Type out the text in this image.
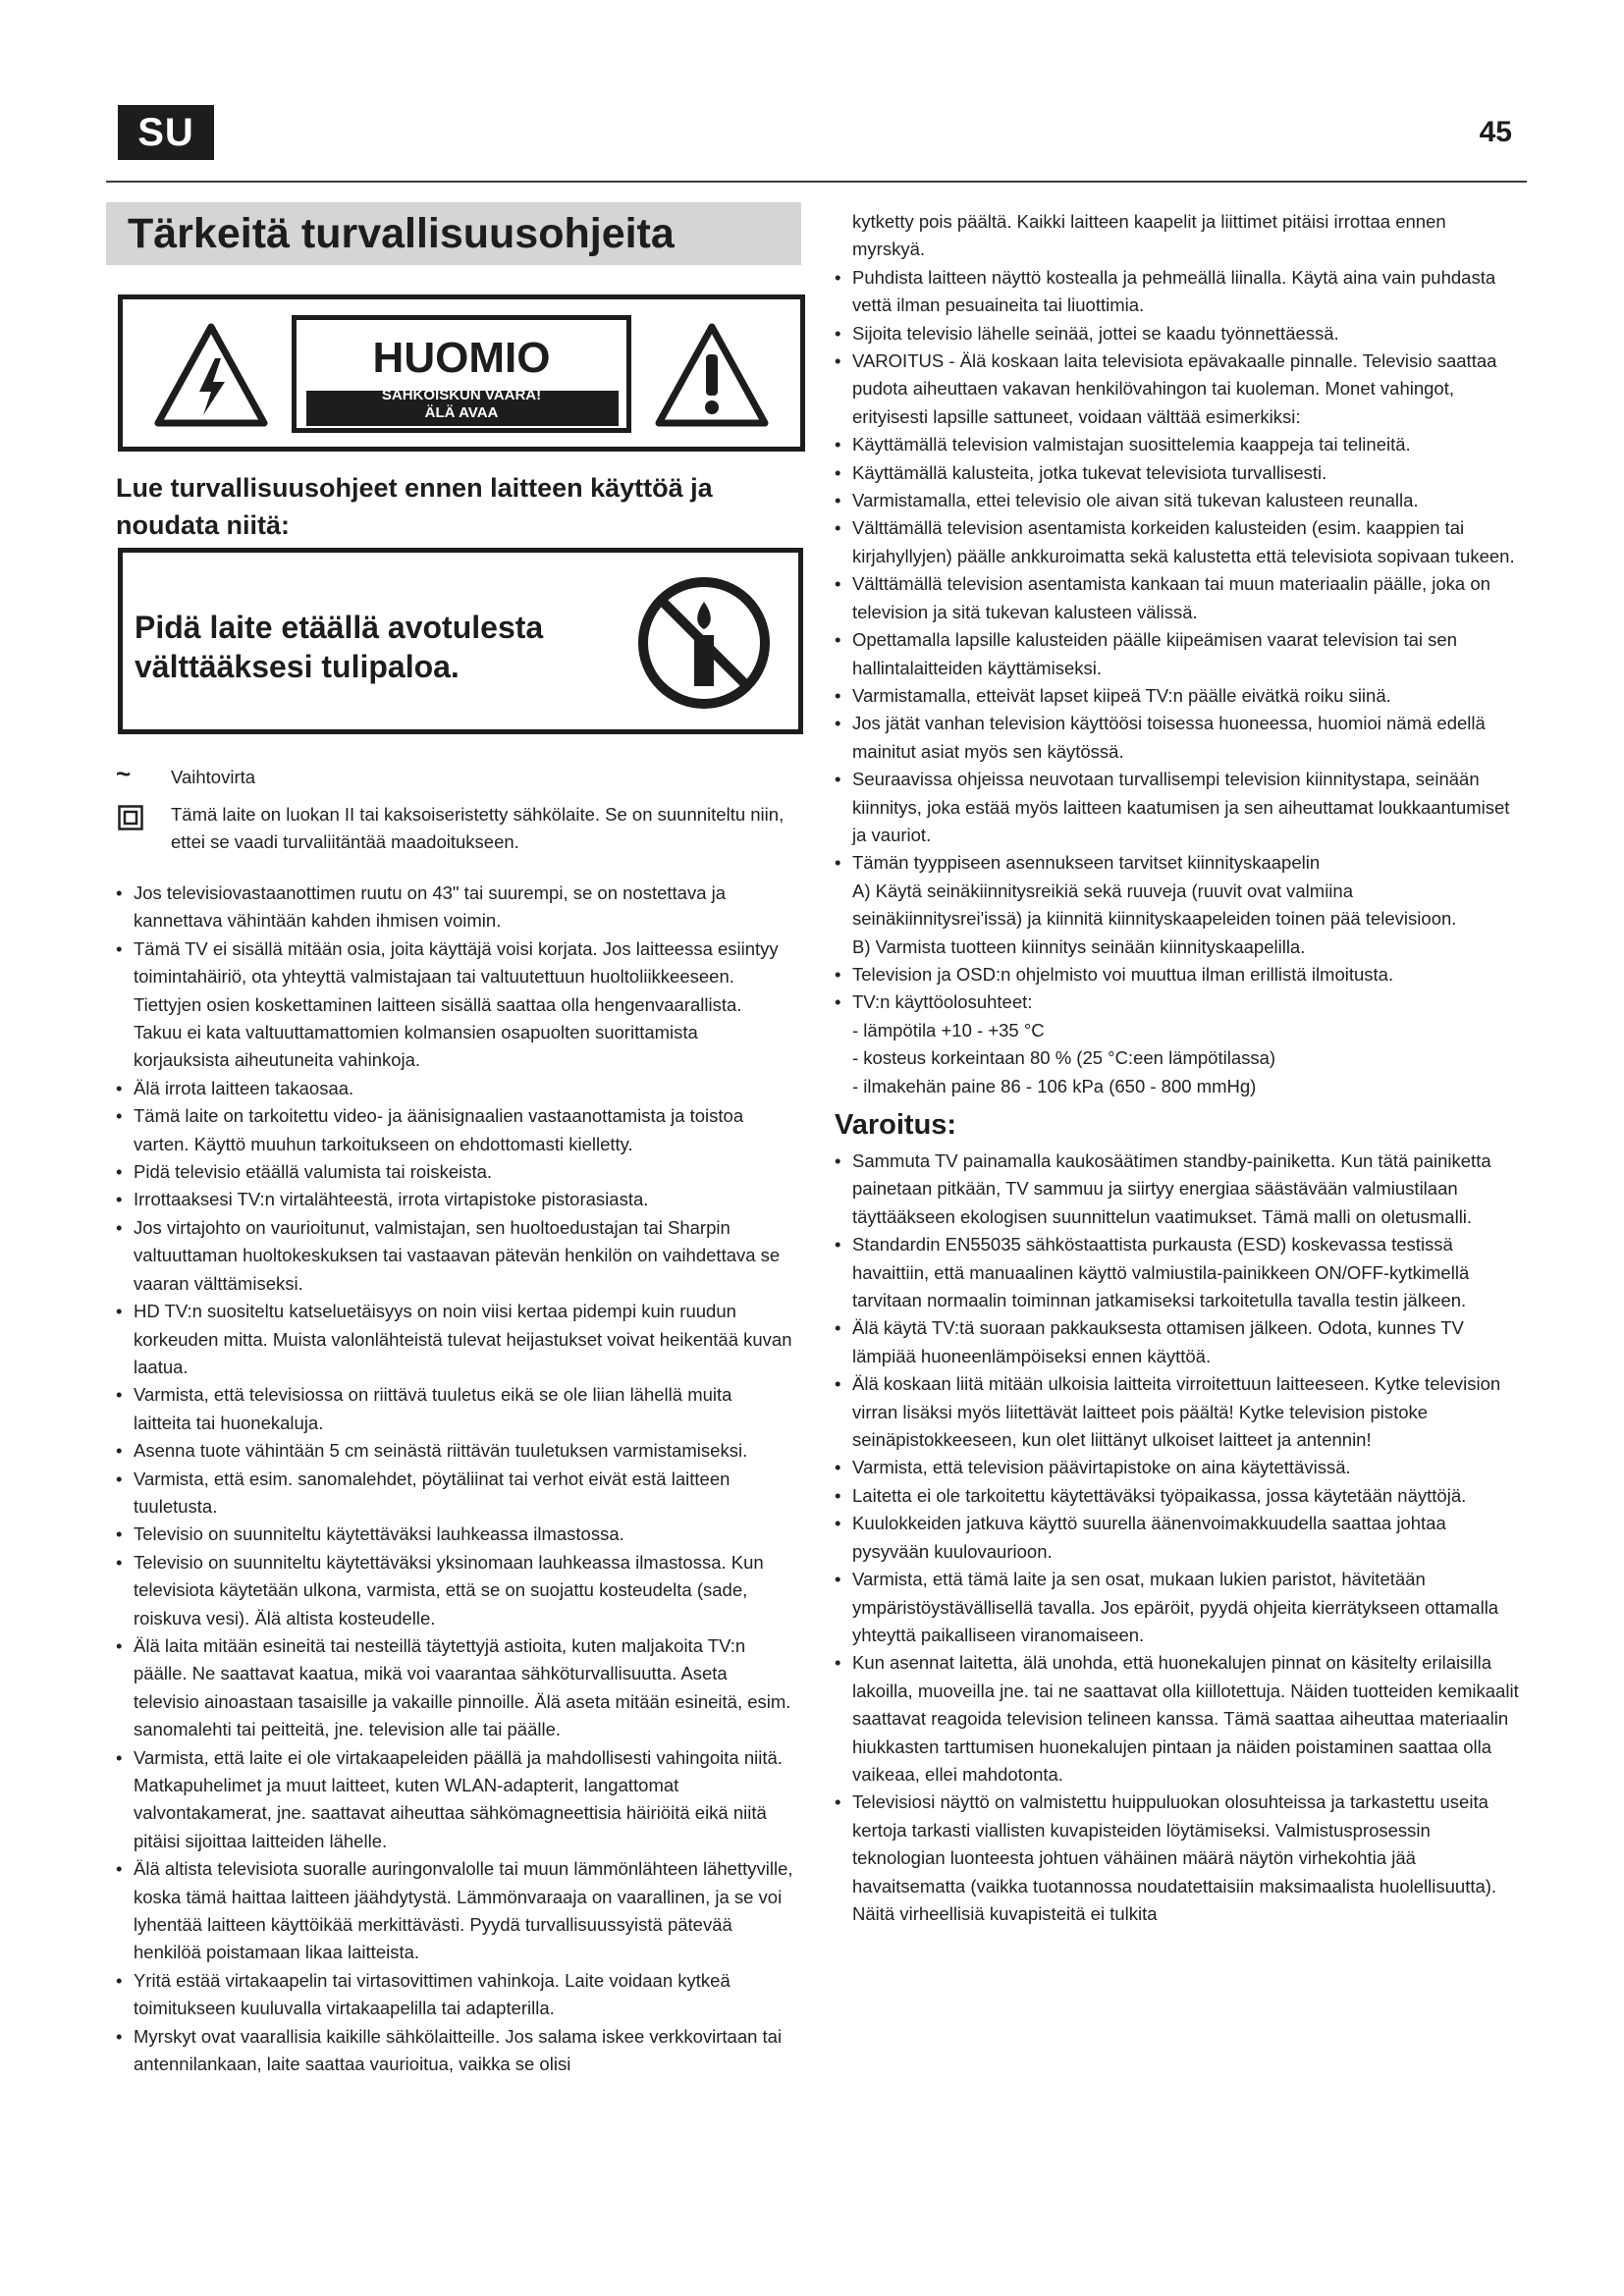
SU	45
Tärkeitä turvallisuusohjeita
HUOMIO
SÄHKÖISKUN VAARA!
ÄLÄ AVAA
Lue turvallisuusohjeet ennen laitteen käyttöä ja noudata niitä:
Pidä laite etäällä avotulesta
välttääksesi tulipaloa.
~	Vaihtovirta
Tämä laite on luokan II tai kaksoiseristetty sähkölaite. Se on suunniteltu niin, ettei se vaadi turvaliitäntää maadoitukseen.
• Jos televisiovastaanottimen ruutu on 43" tai suurempi, se on nostettava ja kannettava vähintään kahden ihmisen voimin.
• Tämä TV ei sisällä mitään osia, joita käyttäjä voisi korjata. Jos laitteessa esiintyy toimintahäiriö, ota yhteyttä valmistajaan tai valtuutettuun huoltoliikkeeseen. Tiettyjen osien koskettaminen laitteen sisällä saattaa olla hengenvaarallista. Takuu ei kata valtuuttamattomien kolmansien osapuolten suorittamista korjauksista aiheutuneita vahinkoja.
• Älä irrota laitteen takaosaa.
• Tämä laite on tarkoitettu video- ja äänisignaalien vastaanottamista ja toistoa varten. Käyttö muuhun tarkoitukseen on ehdottomasti kielletty.
• Pidä televisio etäällä valumista tai roiskeista.
• Irrottaaksesi TV:n virtalähteestä, irrota virtapistoke pistorasiasta.
• Jos virtajohto on vaurioitunut, valmistajan, sen huoltoedustajan tai Sharpin valtuuttaman huoltokeskuksen tai vastaavan pätevän henkilön on vaihdettava se vaaran välttämiseksi.
• HD TV:n suositeltu katseluetäisyys on noin viisi kertaa pidempi kuin ruudun korkeuden mitta. Muista valonlähteistä tulevat heijastukset voivat heikentää kuvan laatua.
• Varmista, että televisiossa on riittävä tuuletus eikä se ole liian lähellä muita laitteita tai huonekaluja.
• Asenna tuote vähintään 5 cm seinästä riittävän tuuletuksen varmistamiseksi.
• Varmista, että esim. sanomalehdet, pöytäliinat tai verhot eivät estä laitteen tuuletusta.
• Televisio on suunniteltu käytettäväksi lauhkeassa ilmastossa.
• Televisio on suunniteltu käytettäväksi yksinomaan lauhkeassa ilmastossa. Kun televisiota käytetään ulkona, varmista, että se on suojattu kosteudelta (sade, roiskuva vesi). Älä altista kosteudelle.
• Älä laita mitään esineitä tai nesteillä täytettyjä astioita, kuten maljakoita TV:n päälle. Ne saattavat kaatua, mikä voi vaarantaa sähköturvallisuutta. Aseta televisio ainoastaan tasaisille ja vakaille pinnoille. Älä aseta mitään esineitä, esim. sanomalehti tai peitteitä, jne. television alle tai päälle.
• Varmista, että laite ei ole virtakaapeleiden päällä ja mahdollisesti vahingoita niitä. Matkapuhelimet ja muut laitteet, kuten WLAN-adapterit, langattomat valvontakamerat, jne. saattavat aiheuttaa sähkömagneettisia häiriöitä eikä niitä pitäisi sijoittaa laitteiden lähelle.
• Älä altista televisiota suoralle auringonvalolle tai muun lämmönlähteen lähettyville, koska tämä haittaa laitteen jäähdytystä. Lämmönvaraaja on vaarallinen, ja se voi lyhentää laitteen käyttöikää merkittävästi. Pyydä turvallisuussyistä pätevää henkilöä poistamaan likaa laitteista.
• Yritä estää virtakaapelin tai virtasovittimen vahinkoja. Laite voidaan kytkeä toimitukseen kuuluvalla virtakaapelilla tai adapterilla.
• Myrskyt ovat vaarallisia kaikille sähkölaitteille. Jos salama iskee verkkovirtaan tai antennilankaan, laite saattaa vaurioitua, vaikka se olisi
kytketty pois päältä. Kaikki laitteen kaapelit ja liittimet pitäisi irrottaa ennen myrskyä.
• Puhdista laitteen näyttö kostealla ja pehmeällä liinalla. Käytä aina vain puhdasta vettä ilman pesuaineita tai liuottimia.
• Sijoita televisio lähelle seinää, jottei se kaadu työnnettäessä.
• VAROITUS - Älä koskaan laita televisiota epävakaalle pinnalle. Televisio saattaa pudota aiheuttaen vakavan henkilövahingon tai kuoleman. Monet vahingot, erityisesti lapsille sattuneet, voidaan välttää esimerkiksi:
• Käyttämällä television valmistajan suosittelemia kaappeja tai telineitä.
• Käyttämällä kalusteita, jotka tukevat televisiota turvallisesti.
• Varmistamalla, ettei televisio ole aivan sitä tukevan kalusteen reunalla.
• Välttämällä television asentamista korkeiden kalusteiden (esim. kaappien tai kirjahyllyjen) päälle ankkuroimatta sekä kalustetta että televisiota sopivaan tukeen.
• Välttämällä television asentamista kankaan tai muun materiaalin päälle, joka on television ja sitä tukevan kalusteen välissä.
• Opettamalla lapsille kalusteiden päälle kiipeämisen vaarat television tai sen hallintalaitteiden käyttämiseksi.
• Varmistamalla, etteivät lapset kiipeä TV:n päälle eivätkä roiku siinä.
• Jos jätät vanhan television käyttöösi toisessa huoneessa, huomioi nämä edellä mainitut asiat myös sen käytössä.
• Seuraavissa ohjeissa neuvotaan turvallisempi television kiinnitystapa, seinään kiinnitys, joka estää myös laitteen kaatumisen ja sen aiheuttamat loukkaantumiset ja vauriot.
• Tämän tyyppiseen asennukseen tarvitset kiinnityskaapelin
A) Käytä seinäkiinnitysreikiä sekä ruuveja (ruuvit ovat valmiina seinäkiinnitysrei'issä) ja kiinnitä kiinnityskaapeleiden toinen pää televisioon.
B) Varmista tuotteen kiinnitys seinään kiinnityskaapelilla.
• Television ja OSD:n ohjelmisto voi muuttua ilman erillistä ilmoitusta.
• TV:n käyttöolosuhteet:
- lämpötila +10 - +35 °C
- kosteus korkeintaan 80 % (25 °C:een lämpötilassa)
- ilmakehän paine 86 - 106 kPa (650 - 800 mmHg)
Varoitus:
• Sammuta TV painamalla kaukosäätimen standby-painiketta. Kun tätä painiketta painetaan pitkään, TV sammuu ja siirtyy energiaa säästävään valmiustilaan täyttääkseen ekologisen suunnittelun vaatimukset. Tämä malli on oletusmalli.
• Standardin EN55035 sähköstaattista purkausta (ESD) koskevassa testissä havaittiin, että manuaalinen käyttö valmiustila-painikkeen ON/OFF-kytkimellä tarvitaan normaalin toiminnan jatkamiseksi tarkoitetulla tavalla testin jälkeen.
• Älä käytä TV:tä suoraan pakkauksesta ottamisen jälkeen. Odota, kunnes TV lämpiää huoneenlämpöiseksi ennen käyttöä.
• Älä koskaan liitä mitään ulkoisia laitteita virroitettuun laitteeseen. Kytke television virran lisäksi myös liitettävät laitteet pois päältä! Kytke television pistoke seinäpistokkeeseen, kun olet liittänyt ulkoiset laitteet ja antennin!
• Varmista, että television päävirtapistoke on aina käytettävissä.
• Laitetta ei ole tarkoitettu käytettäväksi työpaikassa, jossa käytetään näyttöjä.
• Kuulokkeiden jatkuva käyttö suurella äänenvoimakkuudella saattaa johtaa pysyvään kuulovaurioon.
• Varmista, että tämä laite ja sen osat, mukaan lukien paristot, hävitetään ympäristöystävällisellä tavalla. Jos epäröit, pyydä ohjeita kierrätykseen ottamalla yhteyttä paikalliseen viranomaiseen.
• Kun asennat laitetta, älä unohda, että huonekalujen pinnat on käsitelty erilaisilla lakoilla, muoveilla jne. tai ne saattavat olla kiillotettuja. Näiden tuotteiden kemikaalit saattavat reagoida television telineen kanssa. Tämä saattaa aiheuttaa materiaalin hiukkasten tarttumisen huonekalujen pintaan ja näiden poistaminen saattaa olla vaikeaa, ellei mahdotonta.
• Televisiosi näyttö on valmistettu huippuluokan olosuhteissa ja tarkastettu useita kertoja tarkasti viallisten kuvapisteiden löytämiseksi. Valmistusprosessin teknologian luonteesta johtuen vähäinen määrä näytön virhekohtia jää havaitsematta (vaikka tuotannossa noudatettaisiin maksimaalista huolellisuutta). Näitä virheellisiä kuvapisteitä ei tulkita
